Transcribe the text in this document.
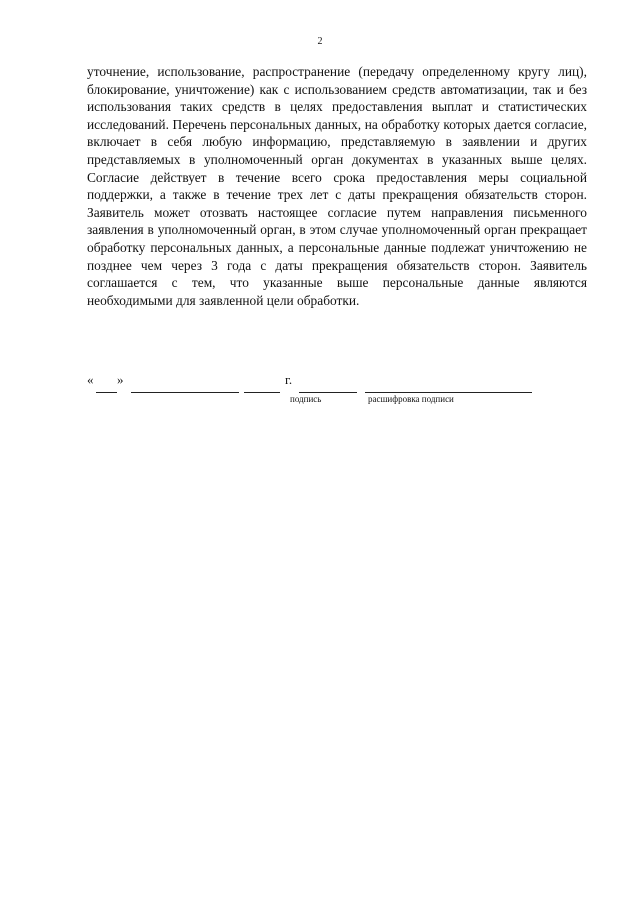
2

уточнение, использование, распространение (передачу определенному кругу лиц), блокирование, уничтожение) как с использованием средств автоматизации, так и без использования таких средств в целях предоставления выплат и статистических исследований. Перечень персональных данных, на обработку которых дается согласие, включает в себя любую информацию, представляемую в заявлении и других представляемых в уполномоченный орган документах в указанных выше целях. Согласие действует в течение всего срока предоставления меры социальной поддержки, а также в течение трех лет с даты прекращения обязательств сторон. Заявитель может отозвать настоящее согласие путем направления письменного заявления в уполномоченный орган, в этом случае уполномоченный орган прекращает обработку персональных данных, а персональные данные подлежат уничтожению не позднее чем через 3 года с даты прекращения обязательств сторон. Заявитель соглашается с тем, что указанные выше персональные данные являются необходимыми для заявленной цели обработки.

« »	г.
подпись	расшифровка подписи
